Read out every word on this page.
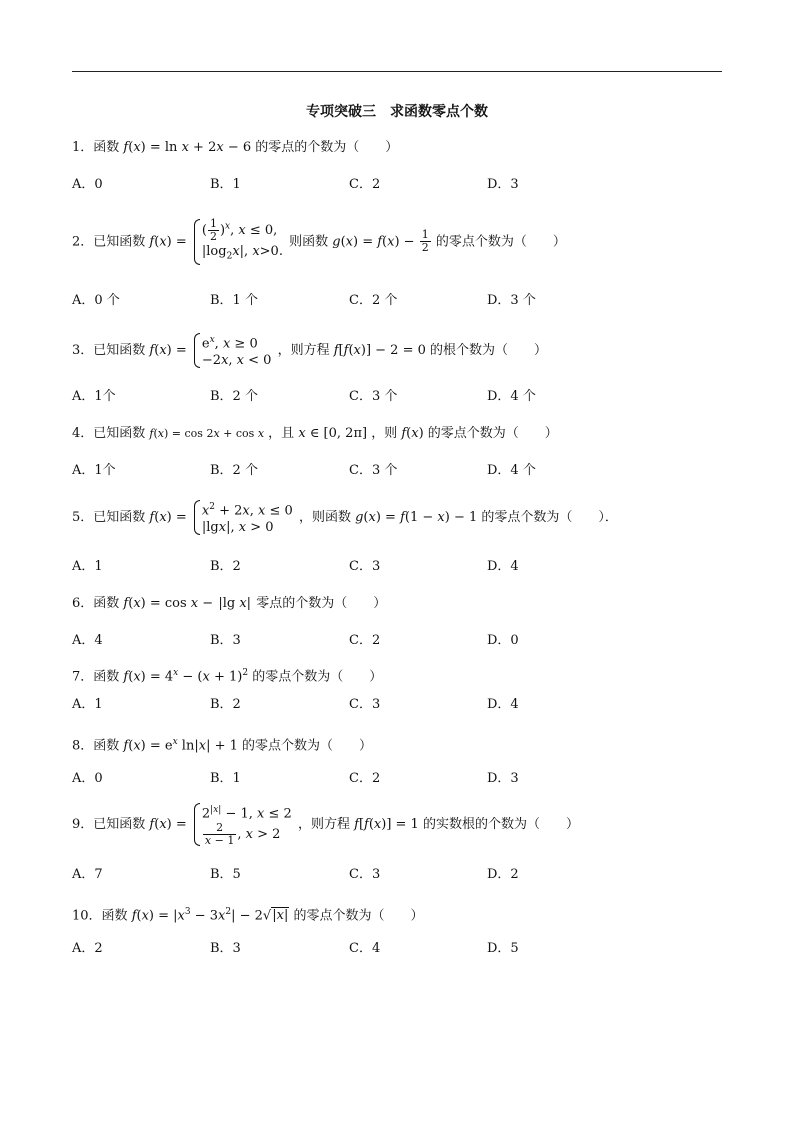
专项突破三　求函数零点个数
1．函数 f(x) = ln x + 2x − 6 的零点的个数为（　　）
A．0	B．1	C．2	D．3
2．已知函数 f(x) =
( $\frac{1}{2} )^x$, x ≤ 0,
$|\log_2x|$, x>0.
则函数 $g(x) = f(x) - \frac{1}{2}$ 的零点个数为（　　）
A．0 个	B．1 个	C．2 个	D．3 个
3．已知函数 $f(x) = e^x$, x ≥ 0
−2x, x < 0
，则方程 f[f(x)] − 2 = 0 的根个数为（　　）
A．1个	B．2 个	C．3 个	D．4 个
4．已知函数 f(x) = cos 2x + cos x ，且 x ∈ [0, 2π] ，则 f(x) 的零点个数为（　　）
A．1个	B．2 个	C．3 个	D．4 个
5．已知函数 $f(x) = x^2 + 2x$, x ≤ 0
|lgx|, x > 0
，则函数 g(x) = f(1 − x) − 1 的零点个数为（　　）．
A．1	B．2	C．3	D．4
6．函数 f(x) = cos x − |lg x| 零点的个数为（　　）
A．4	B．3	C．2	D．0
7．函数 $f(x) = 4^x - (x + 1)^2$ 的零点个数为（　　）
A．1	B．2	C．3	D．4
8．函数 $f(x) = e^x$ ln|x| + 1 的零点个数为（　　）
A．0	B．1	C．2	D．3
9．已知函数 f(x) =
$2^{|x|} - 1$, x ≤ 2
$\frac{2}{x - 1}$ , x > 2
，则方程 f[f(x)] = 1 的实数根的个数为（　　）
A．7	B．5	C．3	D．2
10．函数 $f(x) = |x^3 - 3x^2| - 2√|x|$ 的零点个数为（　　）
A．2	B．3	C．4	D．5
